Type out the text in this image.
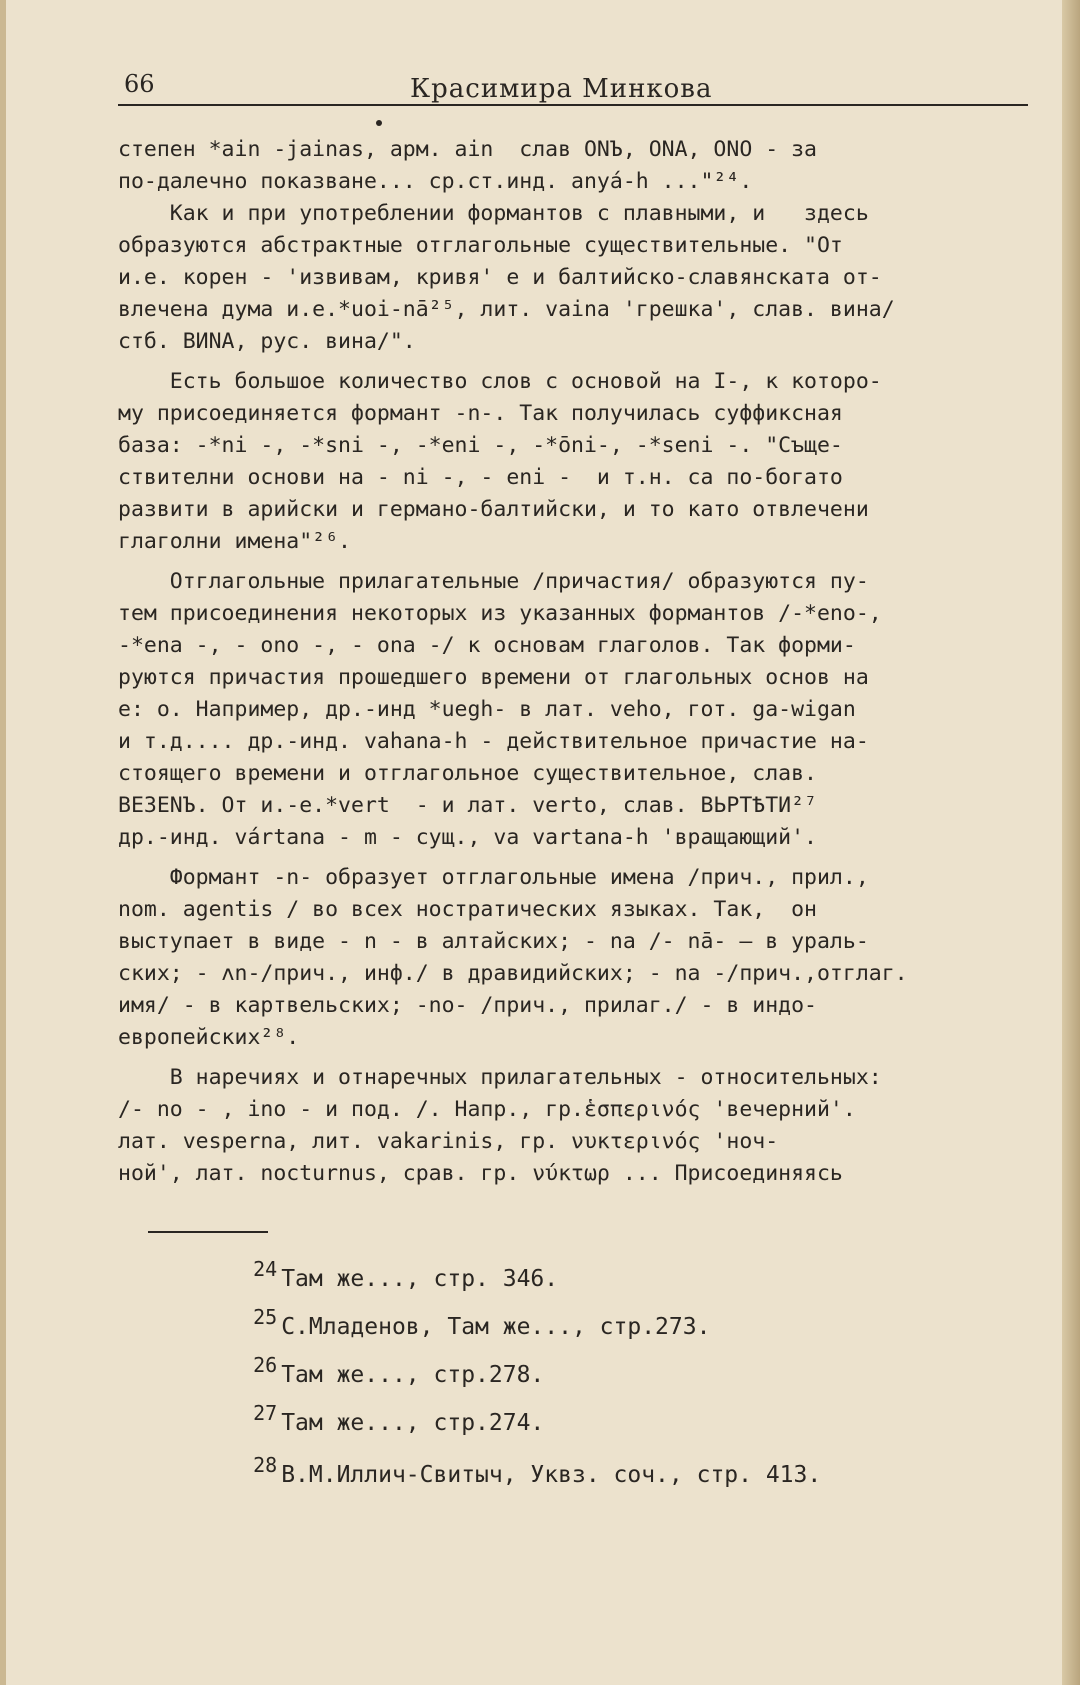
66	Красимира Минкова
степен *ain -jainas, арм. ain  слав ONЪ, ONA, ONO - за
по-далечно показване... ср.ст.инд. anyá-h ..."²⁴.
Как и при употреблении формантов с плавными, и   здесь
образуются абстрактные отглагольные существительные. "От
и.е. корен - 'извивам, кривя' е и балтийско-славянската от-
влечена дума и.е.*uoi-nā²⁵, лит. vaina 'грешка', слав. вина/
стб. ВИNА, рус. вина/".
Есть большое количество слов с основой на I-, к которо-
му присоединяется формант -n-. Так получилась суффиксная
база: -*ni -, -*sni -, -*eni -, -*ōni-, -*seni -. "Съще-
ствителни основи на - ni -, - eni -  и т.н. са по-богато
развити в арийски и германо-балтийски, и то като отвлечени
глаголни имена"²⁶.
Отглагольные прилагательные /причастия/ образуются пу-
тем присоединения некоторых из указанных формантов /-*eno-,
-*ena -, - ono -, - ona -/ к основам глаголов. Так форми-
руются причастия прошедшего времени от глагольных основ на
e: o. Например, др.-инд *uegh- в лат. veho, гот. ga-wigan
и т.д.... др.-инд. vahana-h - действительное причастие на-
стоящего времени и отглагольное существительное, слав.
ВЕЗЕNЪ. От и.-е.*vert  - и лат. verto, слав. ВЬРТѢТИ²⁷
др.-инд. vártana - m - сущ., va vartana-h 'вращающий'.
Формант -n- образует отглагольные имена /прич., прил.,
nom. agentis / во всех ностратических языках. Так,  он
выступает в виде - n - в алтайских; - na /- nā- — в ураль-
ских; - ʌn-/прич., инф./ в дравидийских; - na -/прич.,отглаг.
имя/ - в картвельских; -no- /прич., прилаг./ - в индо-
европейских²⁸.
В наречиях и отнаречных прилагательных - относительных:
/- no - , ino - и под. /. Напр., гр.ἑσπερινός 'вечерний'.
лат. vesperna, лит. vakarinis, гр. νυκτερινός 'ноч-
ной', лат. nocturnus, срав. гр. νύκτωρ ... Присоединяясь

24 Там же..., стр. 346.

25 С.Младенов, Там же..., стр.273.

26 Там же..., стр.278.

27 Там же..., стр.274.

28 В.М.Иллич-Свитыч, Уквз. соч., стр. 413.
